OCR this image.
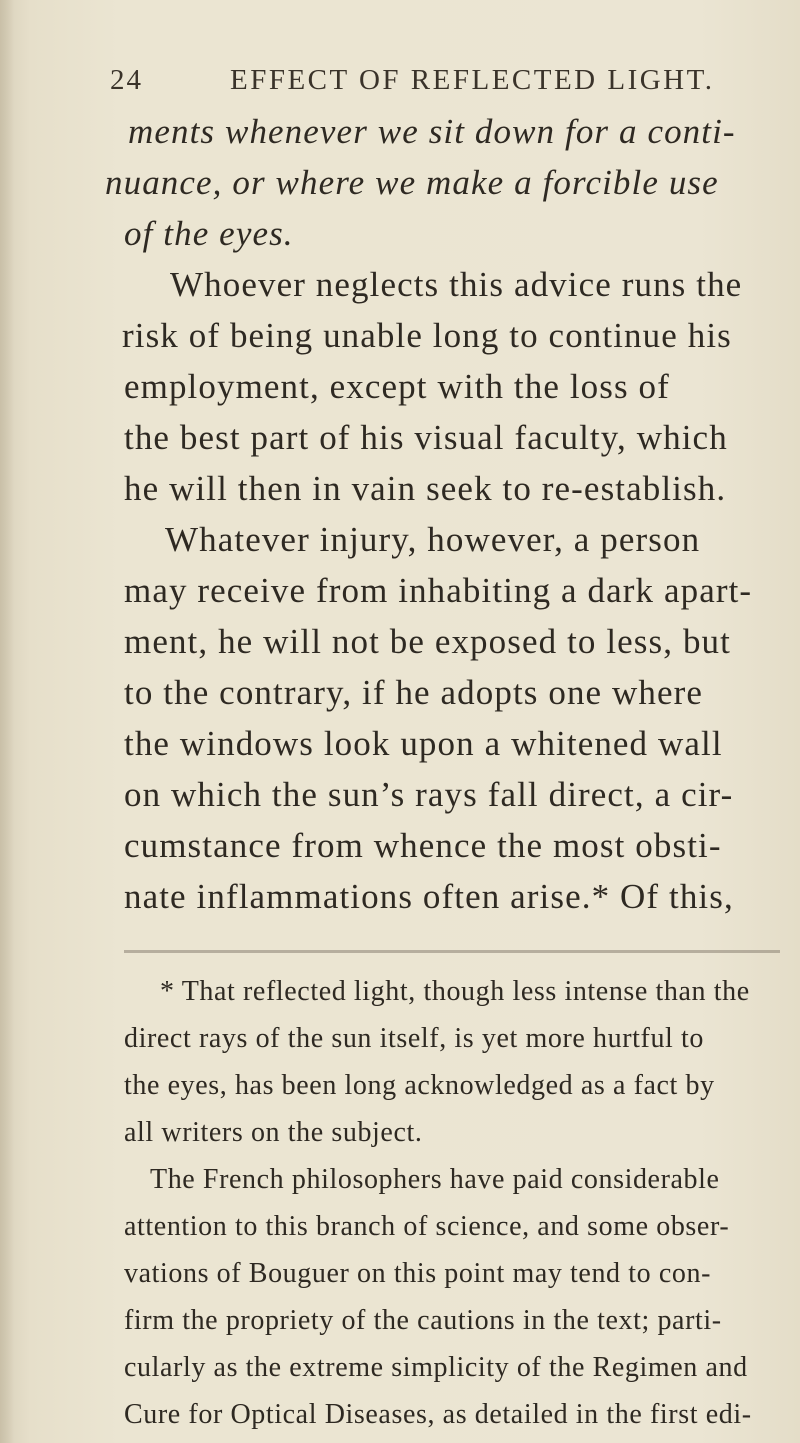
24	EFFECT OF REFLECTED LIGHT.
ments whenever we sit down for a conti-
nuance, or where we make a forcible use
of the eyes.
Whoever neglects this advice runs the
risk of being unable long to continue his
employment, except with the loss of
the best part of his visual faculty, which
he will then in vain seek to re-establish.
Whatever injury, however, a person
may receive from inhabiting a dark apart-
ment, he will not be exposed to less, but
to the contrary, if he adopts one where
the windows look upon a whitened wall
on which the sun’s rays fall direct, a cir-
cumstance from whence the most obsti-
nate inflammations often arise.* Of this,
* That reflected light, though less intense than the
direct rays of the sun itself, is yet more hurtful to
the eyes, has been long acknowledged as a fact by
all writers on the subject.
The French philosophers have paid considerable
attention to this branch of science, and some obser-
vations of Bouguer on this point may tend to con-
firm the propriety of the cautions in the text; parti-
cularly as the extreme simplicity of the Regimen and
Cure for Optical Diseases, as detailed in the first edi-
